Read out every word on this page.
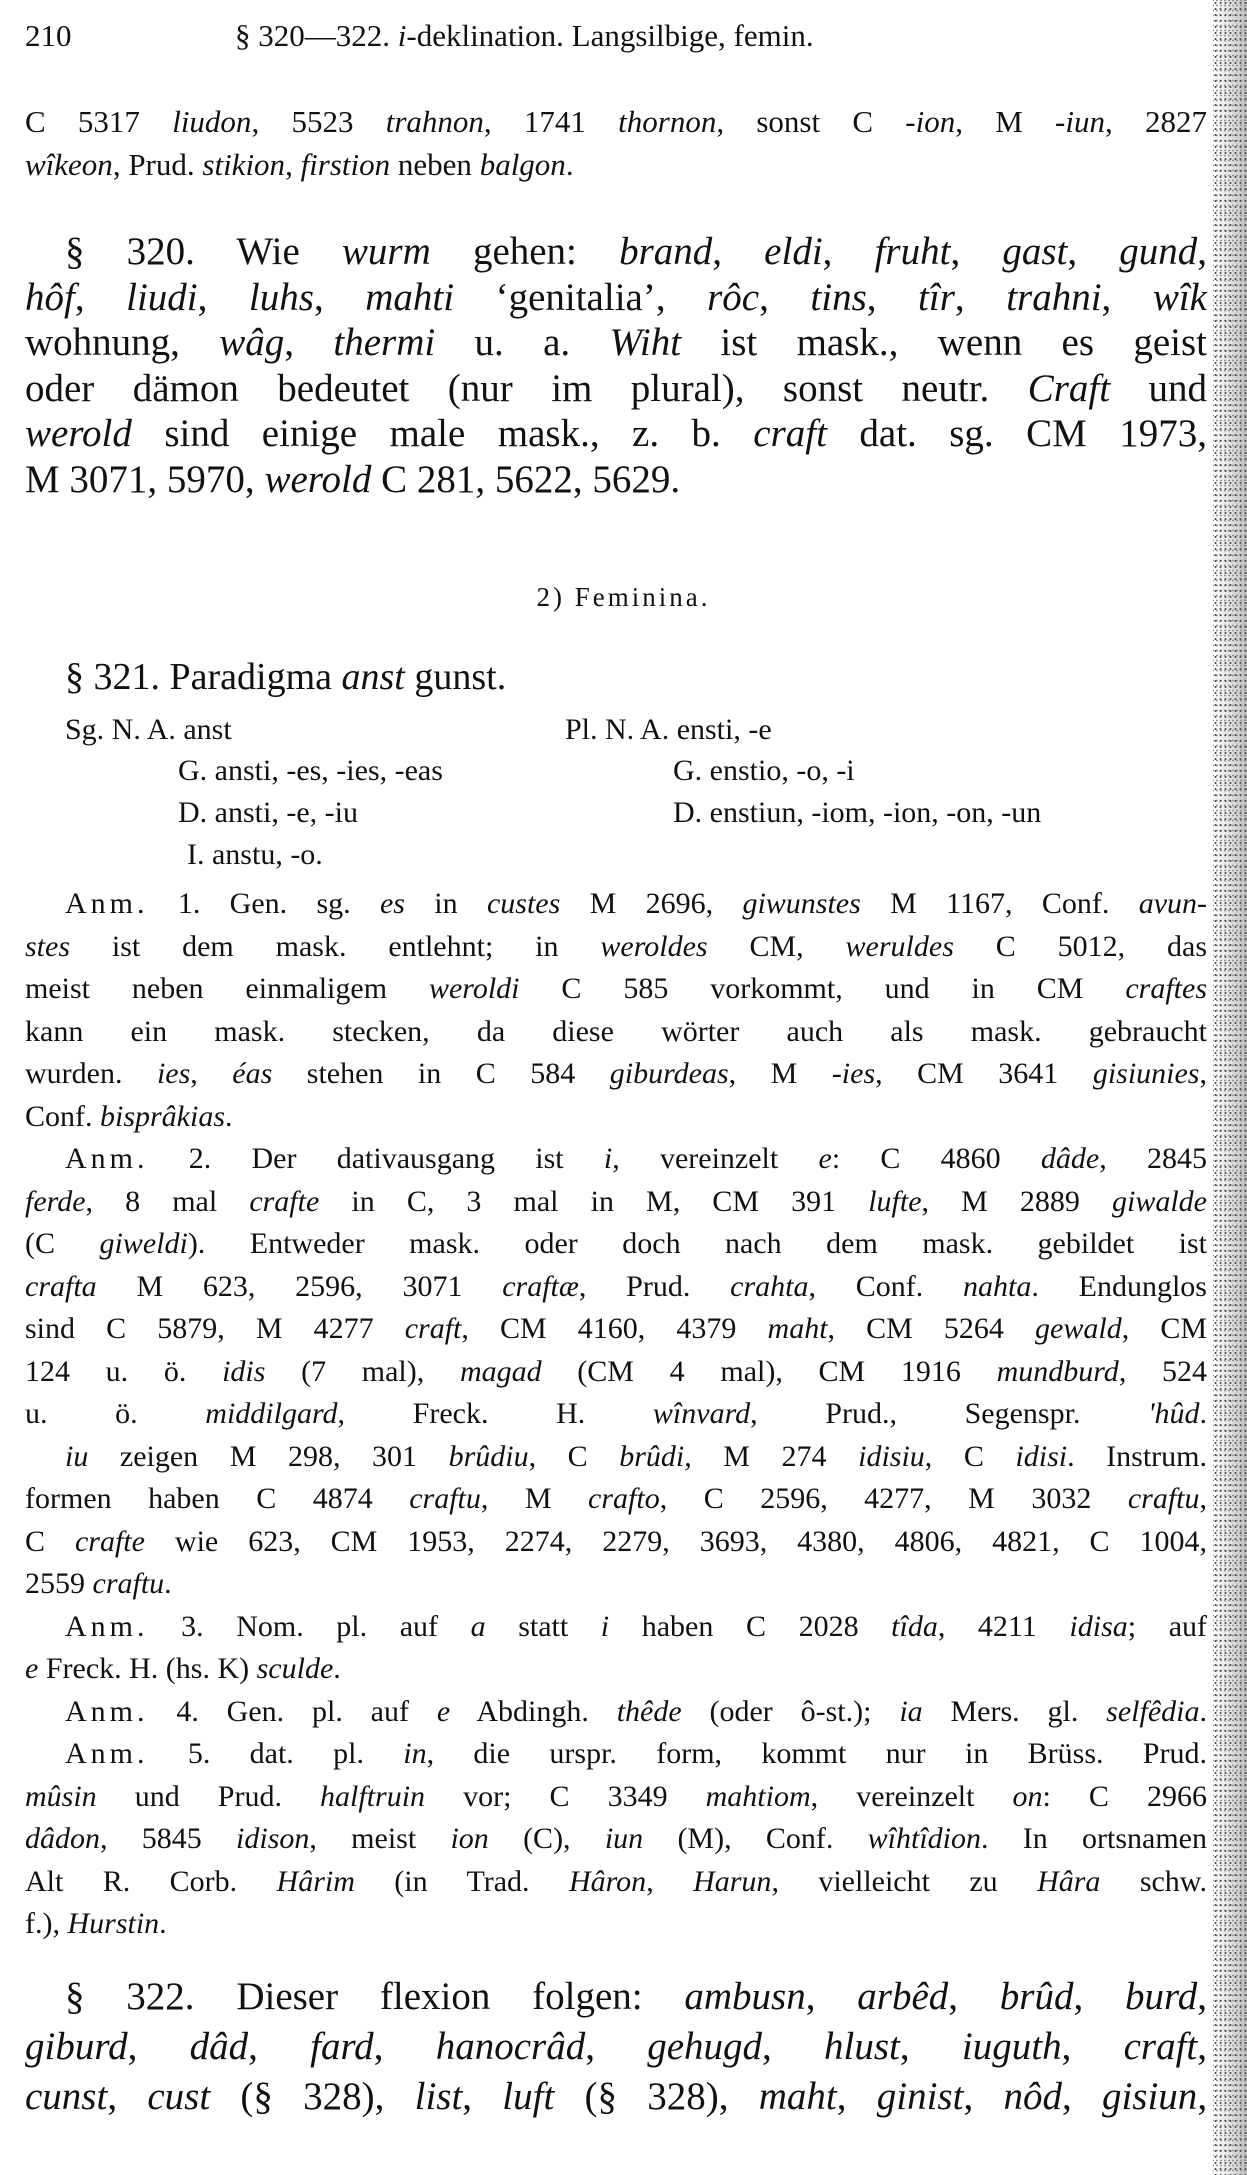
210	§ 320—322. i-deklination. Langsilbige, femin.
C 5317 liudon, 5523 trahnon, 1741 thornon, sonst C -ion, M -iun, 2827
wîkeon, Prud. stikion, firstion neben balgon.
§ 320. Wie wurm gehen: brand, eldi, fruht, gast, gund,
hôf, liudi, luhs, mahti ‘genitalia’, rôc, tins, tîr, trahni, wîk
wohnung, wâg, thermi u. a. Wiht ist mask., wenn es geist
oder dämon bedeutet (nur im plural), sonst neutr. Craft und
werold sind einige male mask., z. b. craft dat. sg. CM 1973,
M 3071, 5970, werold C 281, 5622, 5629.
2) Feminina.
§ 321. Paradigma anst gunst.
Sg. N. A. anst
G. ansti, -es, -ies, -eas
D. ansti, -e, -iu
I. anstu, -o.
Pl. N. A. ensti, -e
G. enstio, -o, -i
D. enstiun, -iom, -ion, -on, -un
Anm. 1. Gen. sg. es in custes M 2696, giwunstes M 1167, Conf. avun-
stes ist dem mask. entlehnt; in weroldes CM, weruldes C 5012, das
meist neben einmaligem weroldi C 585 vorkommt, und in CM craftes
kann ein mask. stecken, da diese wörter auch als mask. gebraucht
wurden. ies, éas stehen in C 584 giburdeas, M -ies, CM 3641 gisiunies,
Conf. bisprâkias.
Anm. 2. Der dativausgang ist i, vereinzelt e: C 4860 dâde, 2845
ferde, 8 mal crafte in C, 3 mal in M, CM 391 lufte, M 2889 giwalde
(C giweldi). Entweder mask. oder doch nach dem mask. gebildet ist
crafta M 623, 2596, 3071 craftæ, Prud. crahta, Conf. nahta. Endunglos
sind C 5879, M 4277 craft, CM 4160, 4379 maht, CM 5264 gewald, CM
124 u. ö. idis (7 mal), magad (CM 4 mal), CM 1916 mundburd, 524
u. ö. middilgard, Freck. H. wînvard, Prud., Segenspr. 'hûd.
iu zeigen M 298, 301 brûdiu, C brûdi, M 274 idisiu, C idisi. Instrum.
formen haben C 4874 craftu, M crafto, C 2596, 4277, M 3032 craftu,
C crafte wie 623, CM 1953, 2274, 2279, 3693, 4380, 4806, 4821, C 1004,
2559 craftu.
Anm. 3. Nom. pl. auf a statt i haben C 2028 tîda, 4211 idisa; auf
e Freck. H. (hs. K) sculde.
Anm. 4. Gen. pl. auf e Abdingh. thêde (oder ô-st.); ia Mers. gl. selfêdia.
Anm. 5. dat. pl. in, die urspr. form, kommt nur in Brüss. Prud.
mûsin und Prud. halftruin vor; C 3349 mahtiom, vereinzelt on: C 2966
dâdon, 5845 idison, meist ion (C), iun (M), Conf. wîhtîdion. In ortsnamen
Alt R. Corb. Hârim (in Trad. Hâron, Harun, vielleicht zu Hâra schw.
f.), Hurstin.
§ 322. Dieser flexion folgen: ambusn, arbêd, brûd, burd,
giburd, dâd, fard, hanocrâd, gehugd, hlust, iuguth, craft,
cunst, cust (§ 328), list, luft (§ 328), maht, ginist, nôd, gisiun,
